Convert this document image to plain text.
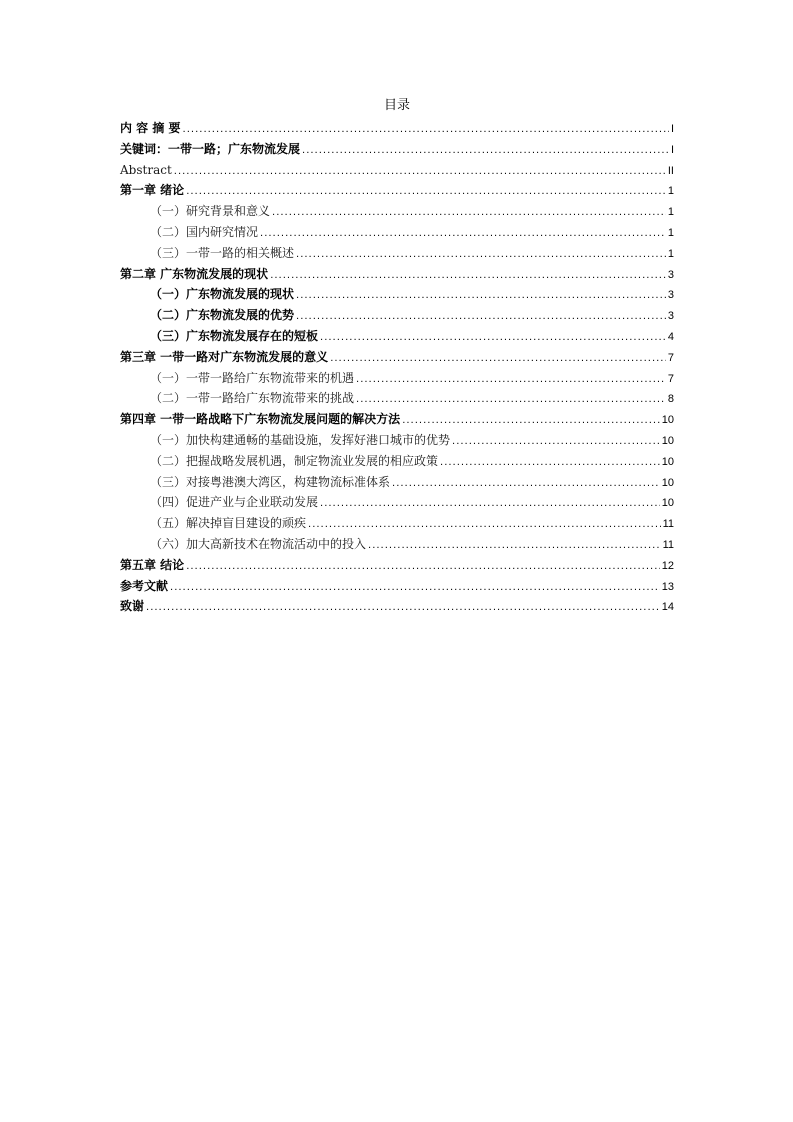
目录
内 容 摘 要 .....	I
关键词：一带一路；广东物流发展 .....	I
Abstract .....	II
第一章 绪论 .....	1
（一）研究背景和意义 .....	1
（二）国内研究情况 .....	1
（三）一带一路的相关概述 .....	1
第二章 广东物流发展的现状 .....	3
（一）广东物流发展的现状 .....	3
（二）广东物流发展的优势 .....	3
（三）广东物流发展存在的短板 .....	4
第三章 一带一路对广东物流发展的意义 .....	7
（一）一带一路给广东物流带来的机遇 .....	7
（二）一带一路给广东物流带来的挑战 .....	8
第四章 一带一路战略下广东物流发展问题的解决方法 .....	10
（一）加快构建通畅的基础设施，发挥好港口城市的优势 .....	10
（二）把握战略发展机遇，制定物流业发展的相应政策 .....	10
（三）对接粤港澳大湾区，构建物流标准体系 .....	10
（四）促进产业与企业联动发展 .....	10
（五）解决掉盲目建设的顽疾 .....	11
（六）加大高新技术在物流活动中的投入 .....	11
第五章 结论 .....	12
参考文献 .....	13
致谢 .....	14
